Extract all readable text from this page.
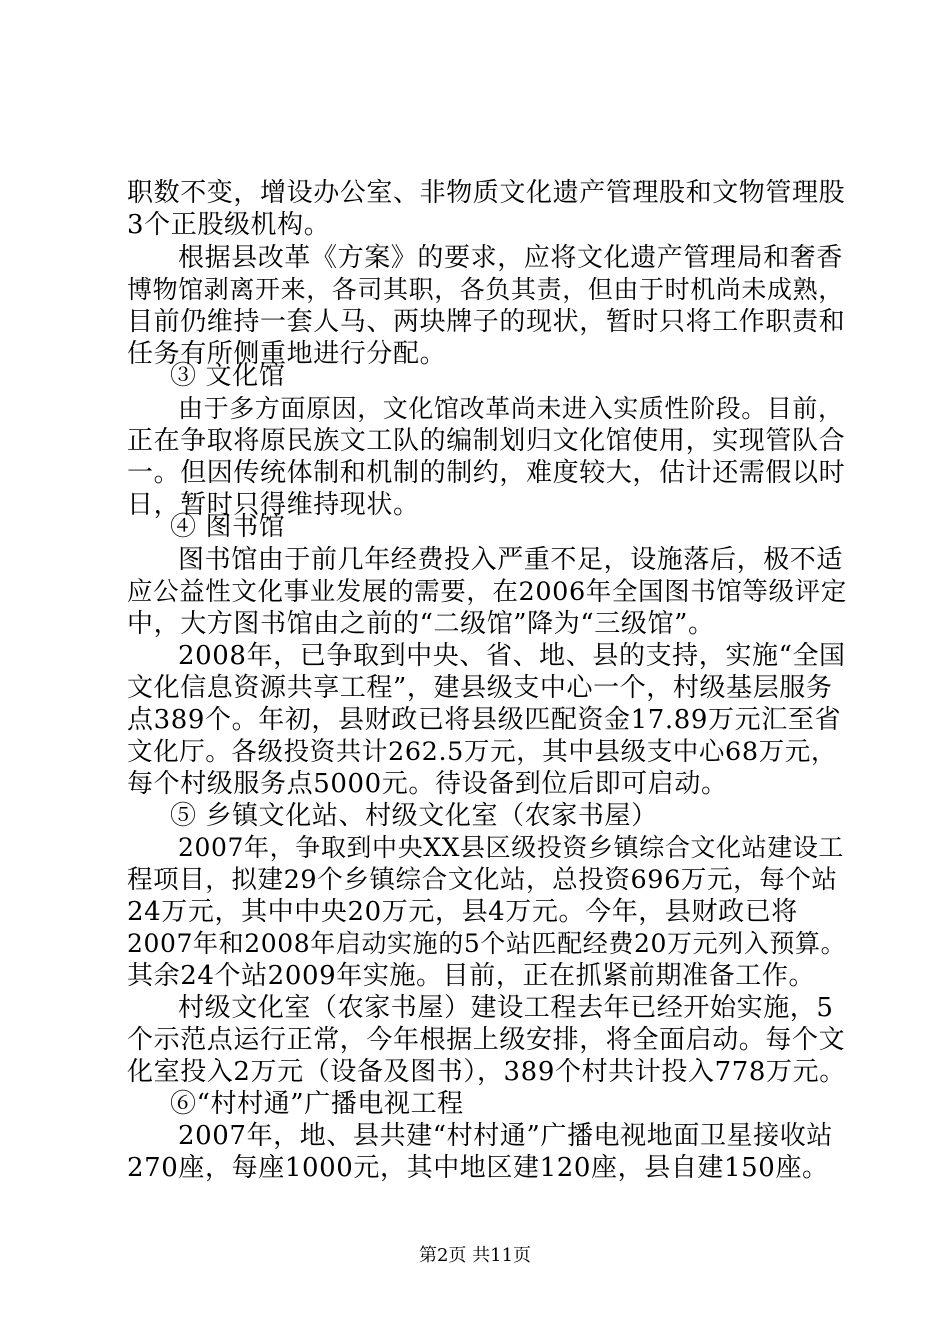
职数不变，增设办公室、非物质文化遗产管理股和文物管理股
3个正股级机构。
根据县改革《方案》的要求，应将文化遗产管理局和奢香
博物馆剥离开来，各司其职，各负其责，但由于时机尚未成熟，
目前仍维持一套人马、两块牌子的现状，暂时只将工作职责和
任务有所侧重地进行分配。
③ 文化馆
由于多方面原因，文化馆改革尚未进入实质性阶段。目前，
正在争取将原民族文工队的编制划归文化馆使用，实现管队合
一。但因传统体制和机制的制约，难度较大，估计还需假以时
日，暂时只得维持现状。
④ 图书馆
图书馆由于前几年经费投入严重不足，设施落后，极不适
应公益性文化事业发展的需要，在2006年全国图书馆等级评定
中，大方图书馆由之前的“二级馆”降为“三级馆”。
2008年，已争取到中央、省、地、县的支持，实施“全国
文化信息资源共享工程”，建县级支中心一个，村级基层服务
点389个。年初，县财政已将县级匹配资金17.89万元汇至省
文化厅。各级投资共计262.5万元，其中县级支中心68万元，
每个村级服务点5000元。待设备到位后即可启动。
⑤ 乡镇文化站、村级文化室（农家书屋）
2007年，争取到中央XX县区级投资乡镇综合文化站建设工
程项目，拟建29个乡镇综合文化站，总投资696万元，每个站
24万元，其中中央20万元，县4万元。今年，县财政已将
2007年和2008年启动实施的5个站匹配经费20万元列入预算。
其余24个站2009年实施。目前，正在抓紧前期准备工作。
村级文化室（农家书屋）建设工程去年已经开始实施，5
个示范点运行正常，今年根据上级安排，将全面启动。每个文
化室投入2万元（设备及图书），389个村共计投入778万元。
⑥“村村通”广播电视工程
2007年，地、县共建“村村通”广播电视地面卫星接收站
270座，每座1000元，其中地区建120座，县自建150座。
第2页 共11页
